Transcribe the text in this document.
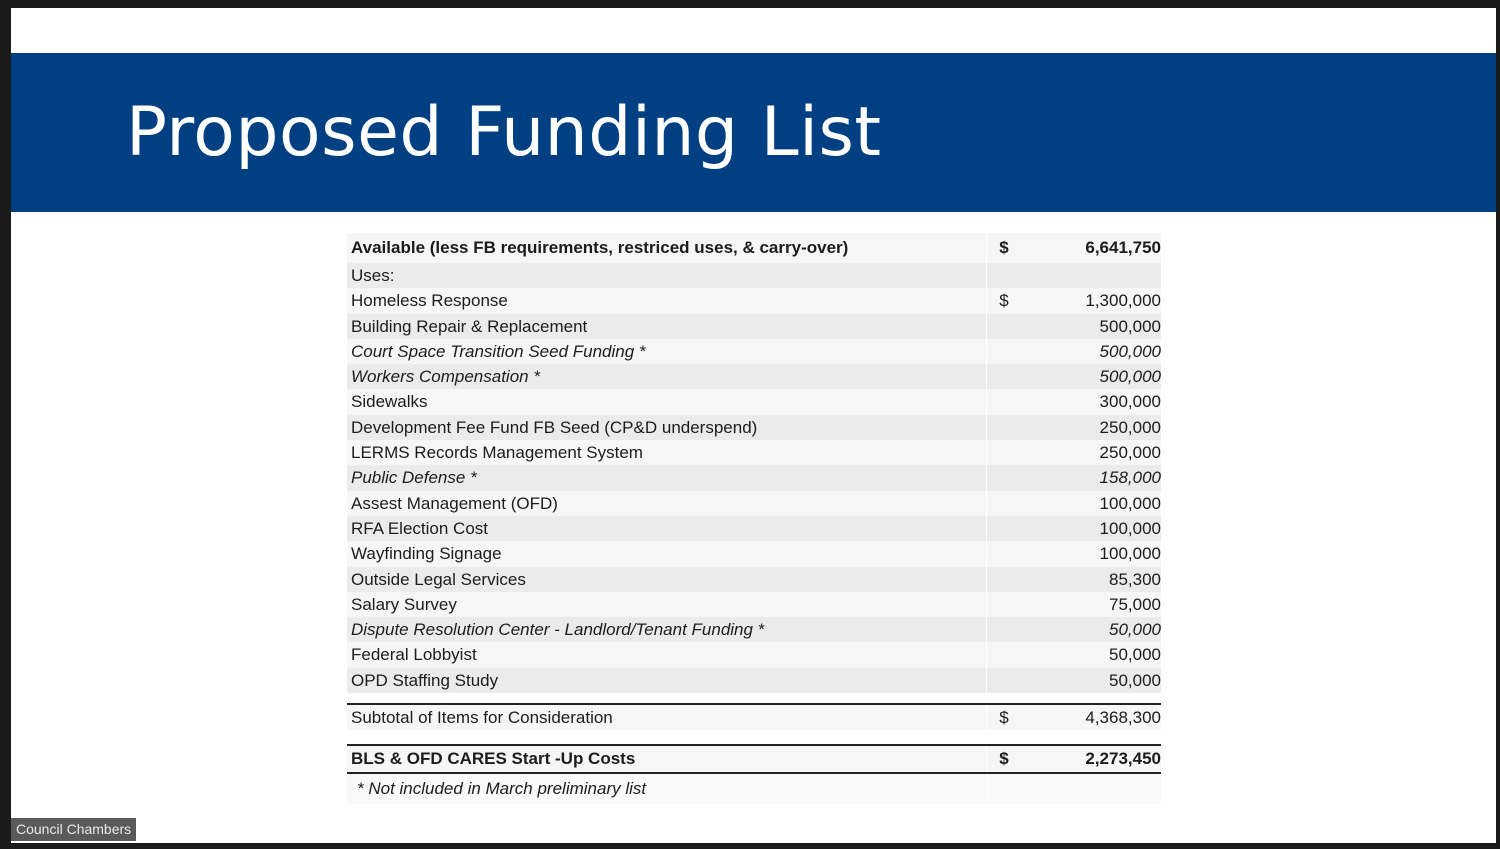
Proposed Funding List
Available (less FB requirements, restriced uses, & carry-over)	$	6,641,750
Uses:
Homeless Response	$	1,300,000
Building Repair & Replacement	500,000
Court Space Transition Seed Funding *	500,000
Workers Compensation *	500,000
Sidewalks	300,000
Development Fee Fund FB Seed (CP&D underspend)	250,000
LERMS Records Management System	250,000
Public Defense *	158,000
Assest Management (OFD)	100,000
RFA Election Cost	100,000
Wayfinding Signage	100,000
Outside Legal Services	85,300
Salary Survey	75,000
Dispute Resolution Center - Landlord/Tenant Funding *	50,000
Federal Lobbyist	50,000
OPD Staffing Study	50,000
Subtotal of Items for Consideration	$	4,368,300
BLS & OFD CARES Start -Up Costs	$	2,273,450
* Not included in March preliminary list
Council Chambers
